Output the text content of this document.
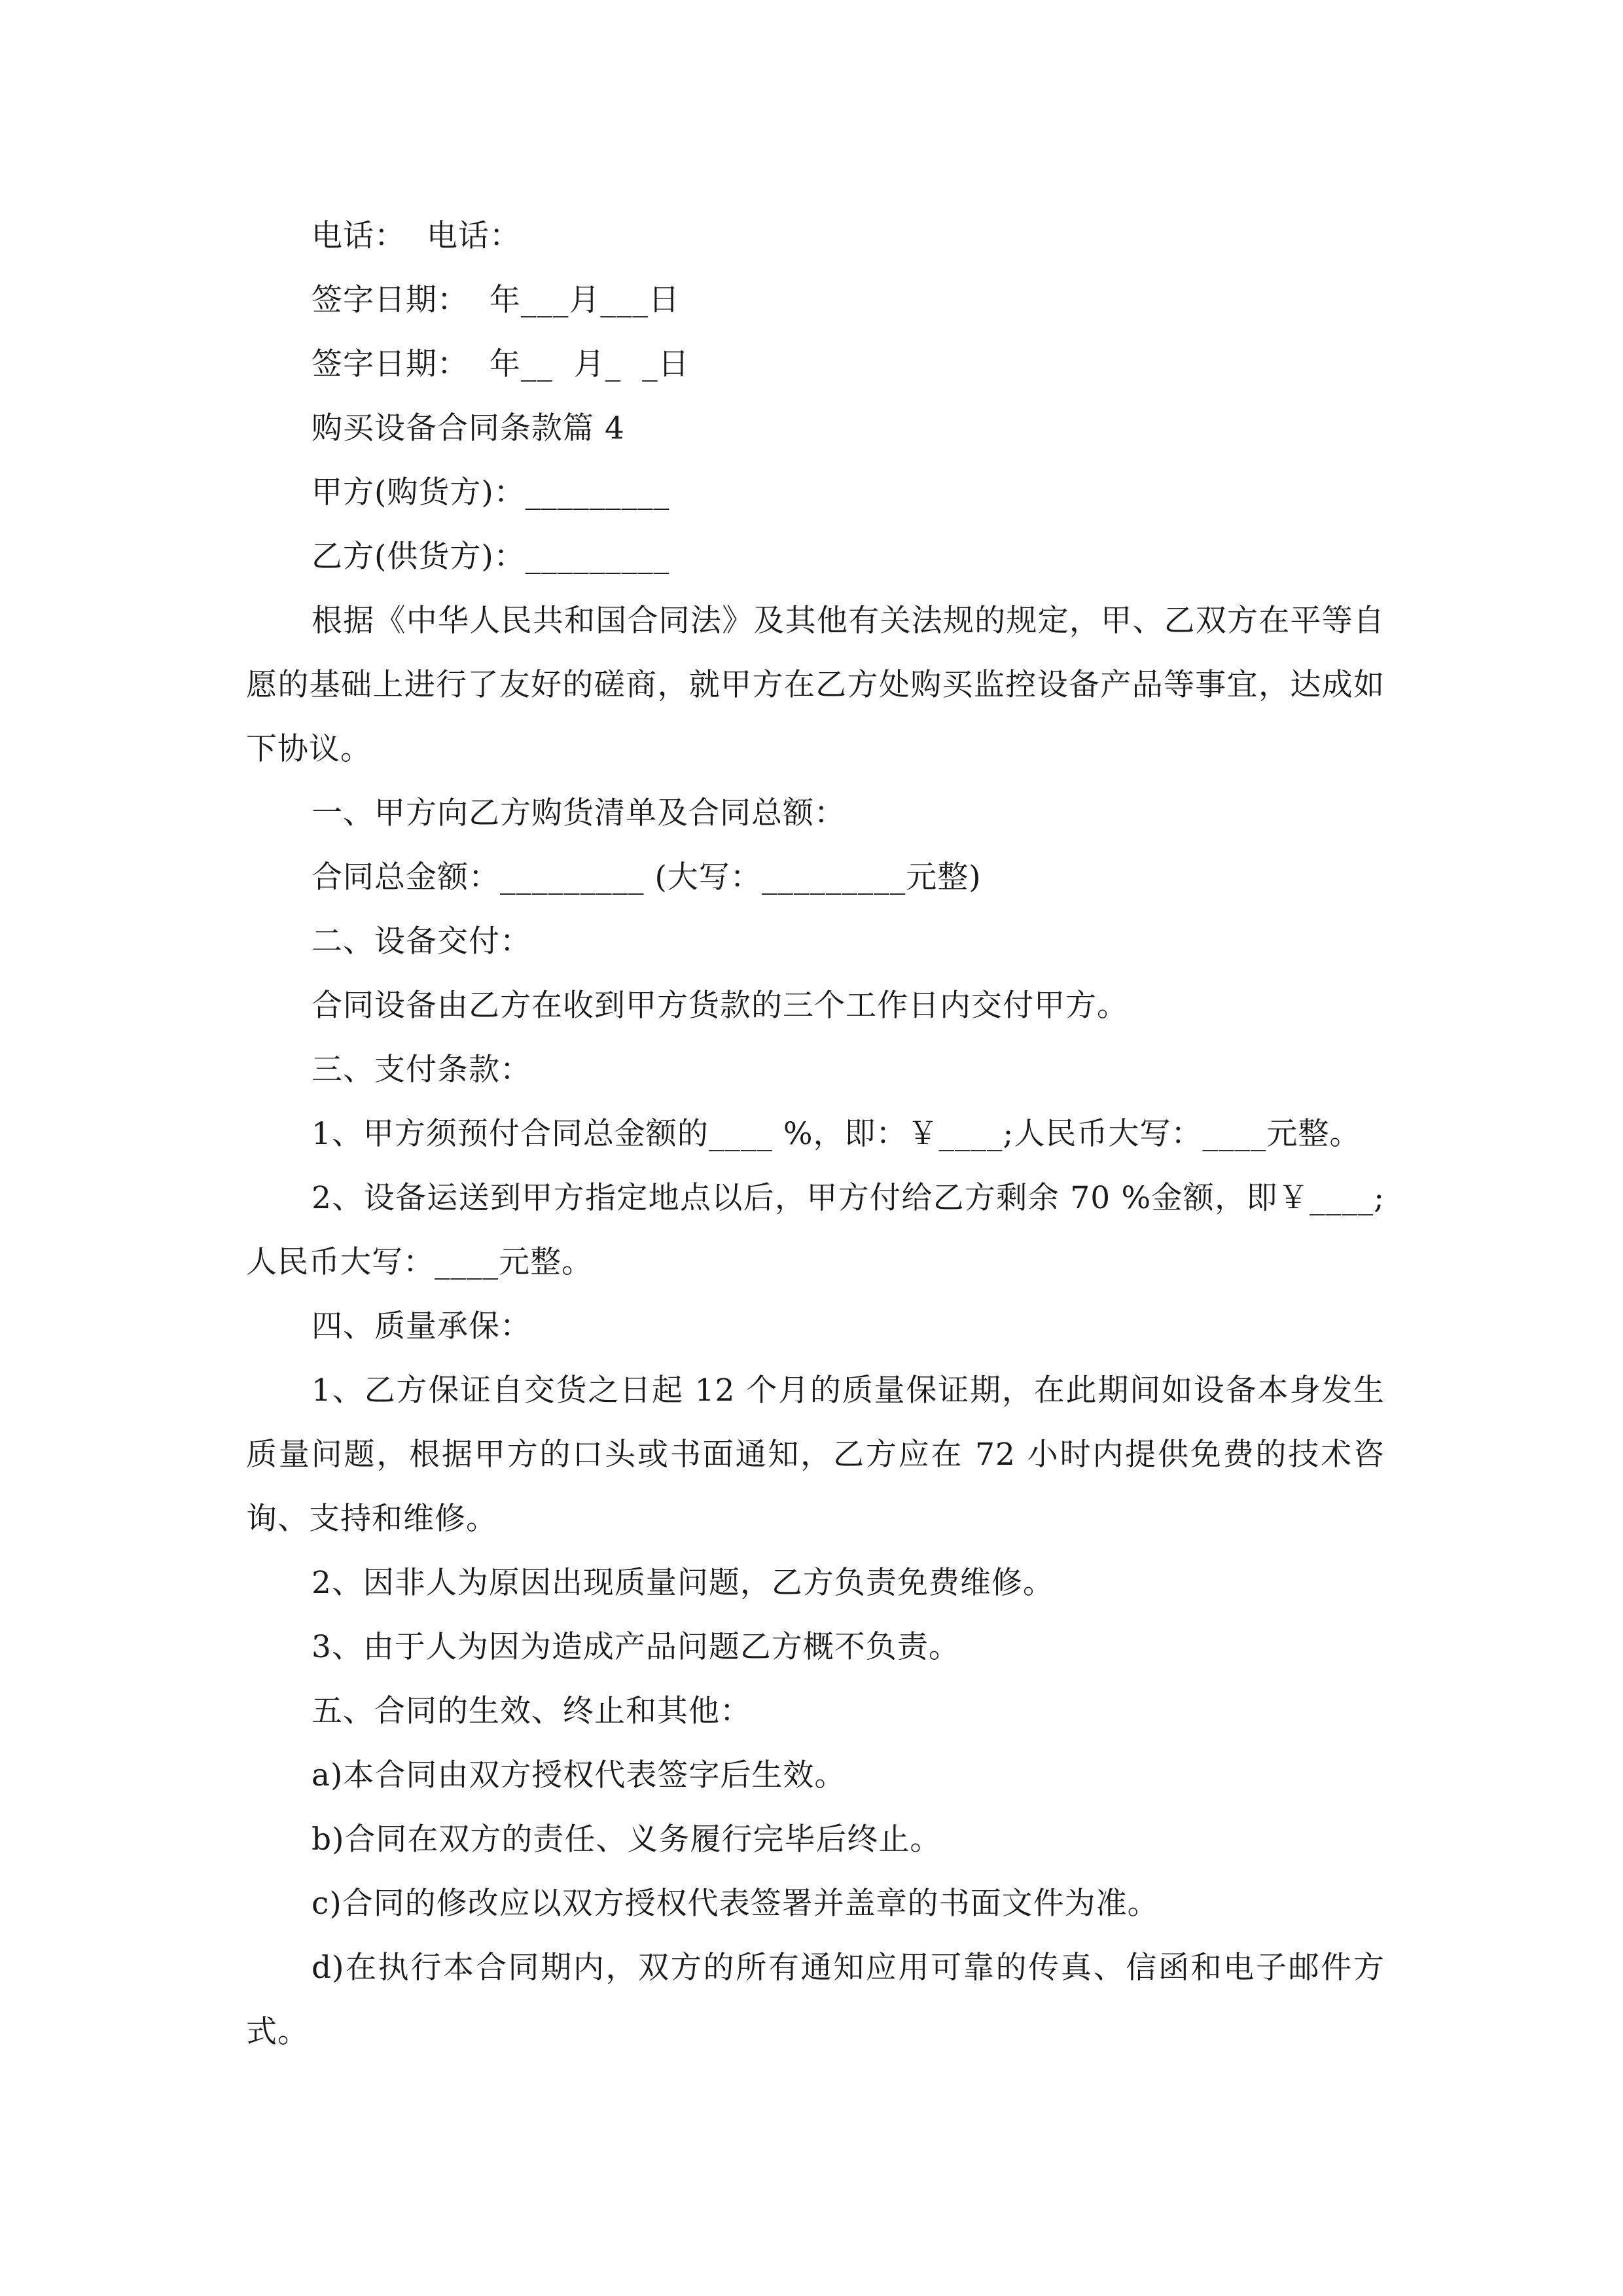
电话：  电话：
签字日期：  年___月___日
签字日期：  年__  月_  _日
购买设备合同条款篇 4
甲方(购货方)：_________
乙方(供货方)：_________
根据《中华人民共和国合同法》及其他有关法规的规定，甲、乙双方在平等自愿的基础上进行了友好的磋商，就甲方在乙方处购买监控设备产品等事宜，达成如下协议。
一、甲方向乙方购货清单及合同总额：
合同总金额：_________ (大写：_________元整)
二、设备交付：
合同设备由乙方在收到甲方货款的三个工作日内交付甲方。
三、支付条款：
1、甲方须预付合同总金额的____ %，即：￥____;人民币大写：____元整。
2、设备运送到甲方指定地点以后，甲方付给乙方剩余 70 %金额，即￥____;人民币大写：____元整。
四、质量承保：
1、乙方保证自交货之日起 12 个月的质量保证期，在此期间如设备本身发生质量问题，根据甲方的口头或书面通知，乙方应在 72 小时内提供免费的技术咨询、支持和维修。
2、因非人为原因出现质量问题，乙方负责免费维修。
3、由于人为因为造成产品问题乙方概不负责。
五、合同的生效、终止和其他：
a)本合同由双方授权代表签字后生效。
b)合同在双方的责任、义务履行完毕后终止。
c)合同的修改应以双方授权代表签署并盖章的书面文件为准。
d)在执行本合同期内，双方的所有通知应用可靠的传真、信函和电子邮件方式。
